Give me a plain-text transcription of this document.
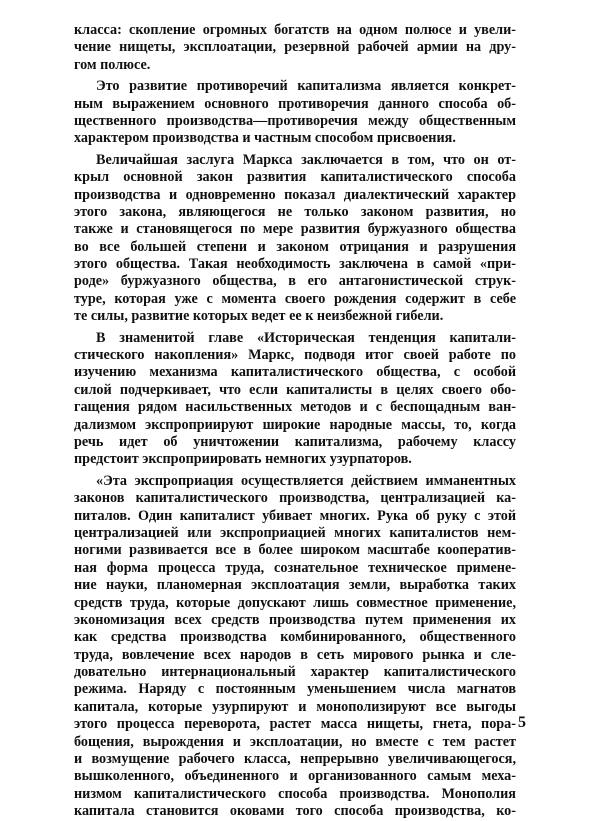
класса: скопление огромных богатств на одном полюсе и увели-
чение нищеты, эксплоатации, резервной рабочей армии на дру-
гом полюсе.
Это развитие противоречий капитализма является конкрет-
ным выражением основного противоречия данного способа об-
щественного производства—противоречия между общественным
характером производства и частным способом присвоения.
Величайшая заслуга Маркса заключается в том, что он от-
крыл основной закон развития капиталистического способа
производства и одновременно показал диалектический характер
этого закона, являющегося не только законом развития, но
также и становящегося по мере развития буржуазного общества
во все большей степени и законом отрицания и разрушения
этого общества. Такая необходимость заключена в самой «при-
роде» буржуазного общества, в его антагонистической струк-
туре, которая уже с момента своего рождения содержит в себе
те силы, развитие которых ведет ее к неизбежной гибели.
В знаменитой главе «Историческая тенденция капитали-
стического накопления» Маркс, подводя итог своей работе по
изучению механизма капиталистического общества, с особой
силой подчеркивает, что если капиталисты в целях своего обо-
гащения рядом насильственных методов и с беспощадным ван-
дализмом экспроприируют широкие народные массы, то, когда
речь идет об уничтожении капитализма, рабочему классу
предстоит экспроприировать немногих узурпаторов.
«Эта экспроприация осуществляется действием имманентных
законов капиталистического производства, централизацией ка-
питалов. Один капиталист убивает многих. Рука об руку с этой
централизацией или экспроприацией многих капиталистов нем-
ногими развивается все в более широком масштабе кооператив-
ная форма процесса труда, сознательное техническое примене-
ние науки, планомерная эксплоатация земли, выработка таких
средств труда, которые допускают лишь совместное применение,
экономизация всех средств производства путем применения их
как средства производства комбинированного, общественного
труда, вовлечение всех народов в сеть мирового рынка и сле-
довательно интернациональный характер капиталистического
режима. Наряду с постоянным уменьшением числа магнатов
капитала, которые узурпируют и монополизируют все выгоды
этого процесса переворота, растет масса нищеты, гнета, пора-
бощения, вырождения и эксплоатации, но вместе с тем растет
и возмущение рабочего класса, непрерывно увеличивающегося,
вышколенного, объединенного и организованного самым меха-
низмом капиталистического способа производства. Монополия
капитала становится оковами того способа производства, ко-
5
